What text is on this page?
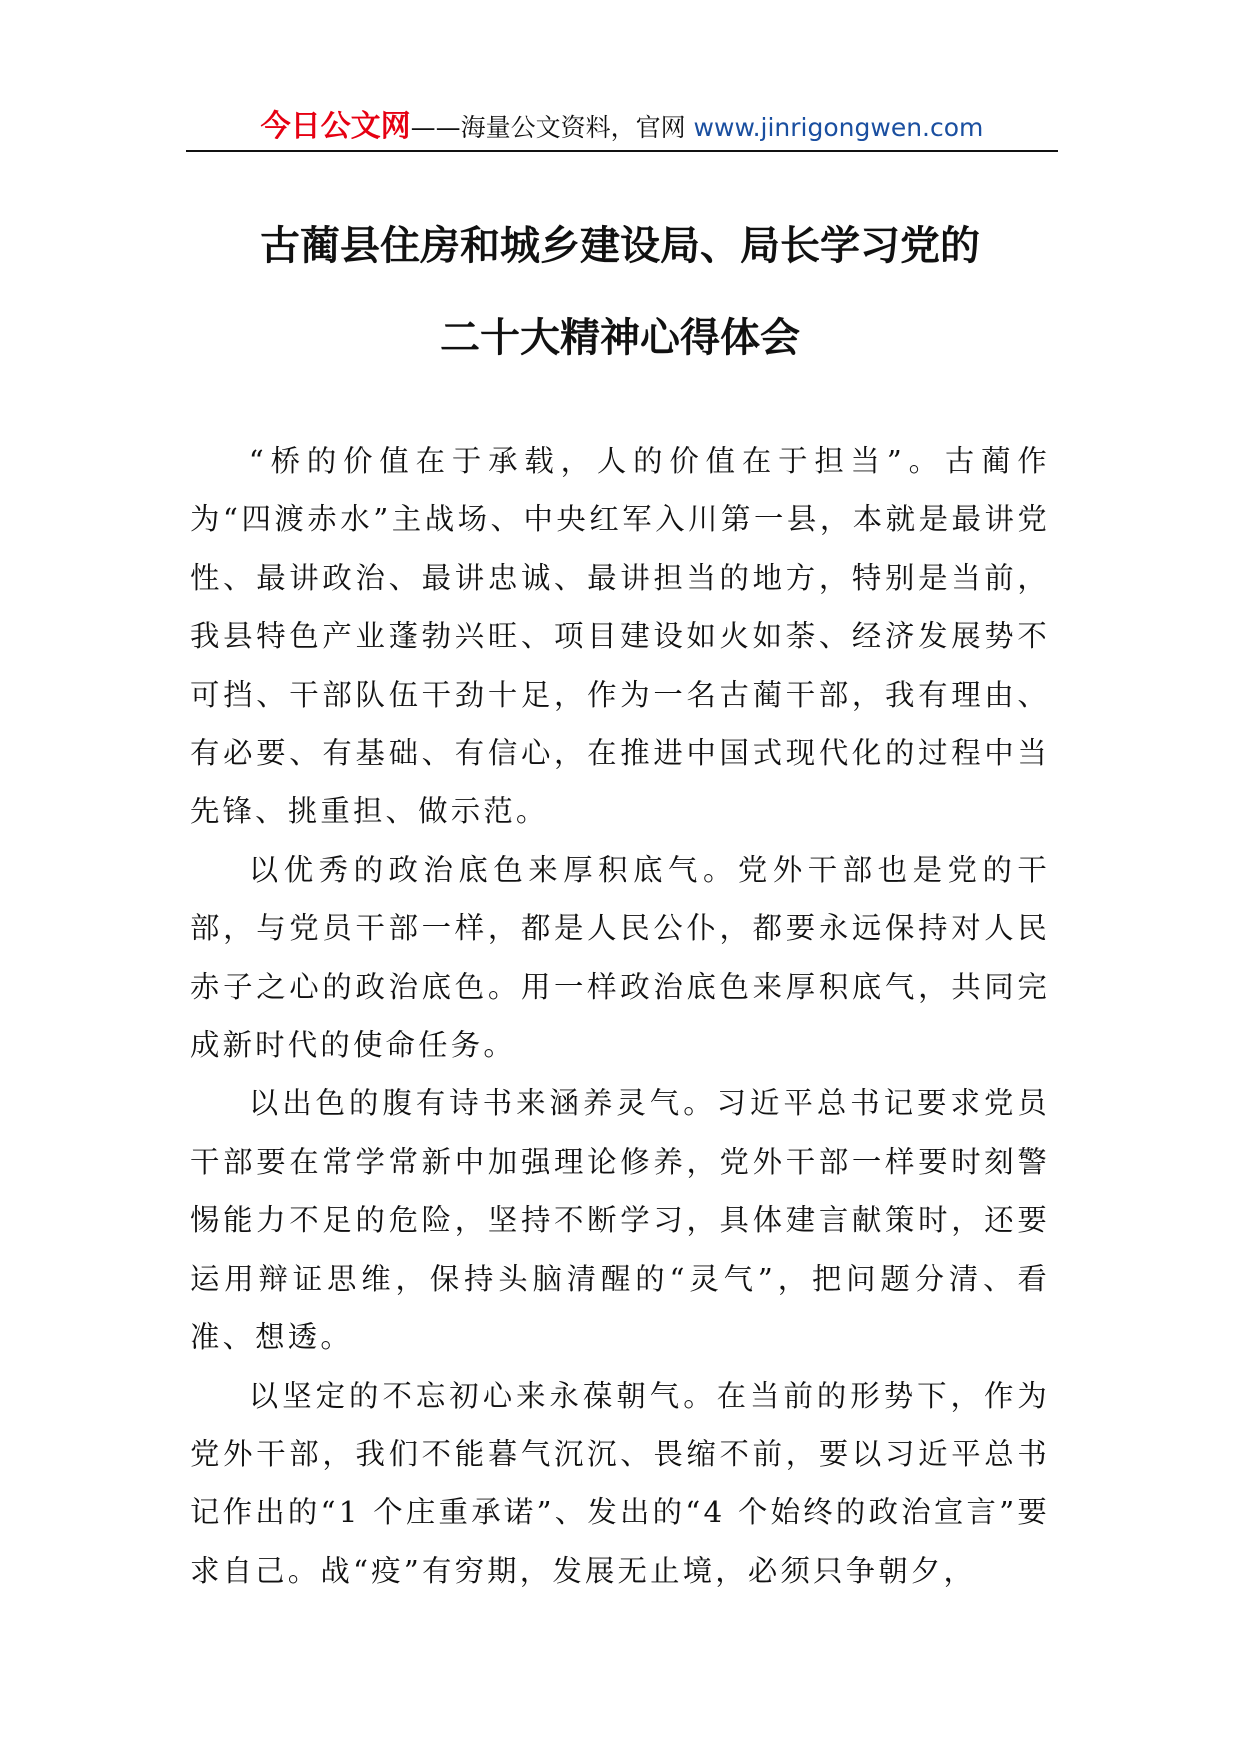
今日公文网——海量公文资料，官网 www.jinrigongwen.com
古蔺县住房和城乡建设局、局长学习党的
二十大精神心得体会

“桥的价值在于承载，人的价值在于担当”。古蔺作为“四渡赤水”主战场、中央红军入川第一县，本就是最讲党性、最讲政治、最讲忠诚、最讲担当的地方，特别是当前，我县特色产业蓬勃兴旺、项目建设如火如荼、经济发展势不可挡、干部队伍干劲十足，作为一名古蔺干部，我有理由、有必要、有基础、有信心，在推进中国式现代化的过程中当先锋、挑重担、做示范。

以优秀的政治底色来厚积底气。党外干部也是党的干部，与党员干部一样，都是人民公仆，都要永远保持对人民赤子之心的政治底色。用一样政治底色来厚积底气，共同完成新时代的使命任务。

以出色的腹有诗书来涵养灵气。习近平总书记要求党员干部要在常学常新中加强理论修养，党外干部一样要时刻警惕能力不足的危险，坚持不断学习，具体建言献策时，还要运用辩证思维，保持头脑清醒的“灵气”，把问题分清、看准、想透。

以坚定的不忘初心来永葆朝气。在当前的形势下，作为党外干部，我们不能暮气沉沉、畏缩不前，要以习近平总书记作出的“1 个庄重承诺”、发出的“4 个始终的政治宣言”要求自己。战“疫”有穷期，发展无止境，必须只争朝夕，
